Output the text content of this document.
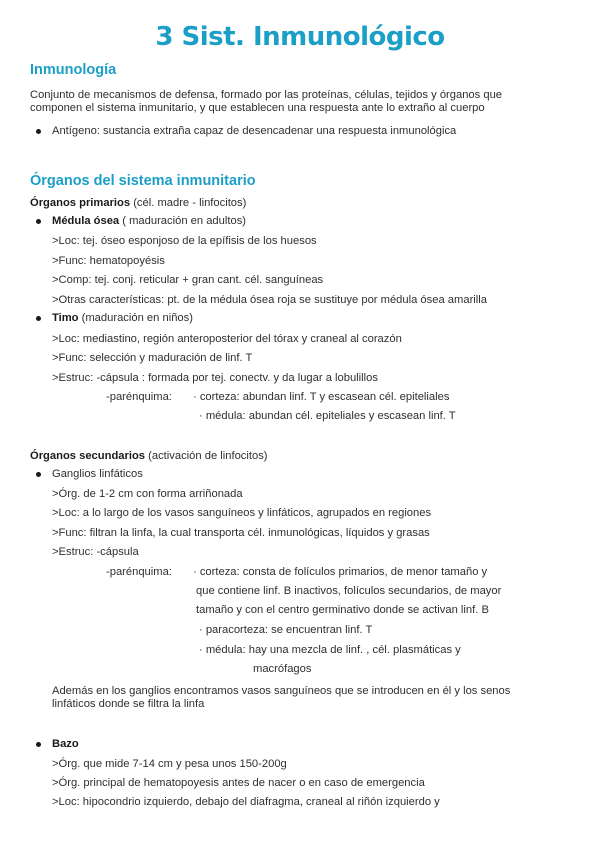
3 Sist. Inmunológico
Inmunología
Conjunto de mecanismos de defensa, formado por las proteínas, células, tejidos y órganos que
componen el sistema inmunitario, y que establecen una respuesta ante lo extraño al cuerpo
Antígeno: sustancia extraña capaz de desencadenar una respuesta inmunológica
Órganos del sistema inmunitario
Órganos primarios (cél. madre - linfocitos)
Médula ósea ( maduración en adultos)
>Loc: tej. óseo esponjoso de la epífisis de los huesos
>Func: hematopoyésis
>Comp: tej. conj. reticular + gran cant. cél. sanguíneas
>Otras características: pt. de la médula ósea roja se sustituye por médula ósea amarilla
Timo (maduración en niños)
>Loc: mediastino, región anteroposterior del tórax y craneal al corazón
>Func: selección y maduración de linf. T
>Estruc: -cápsula : formada por tej. conectv. y da lugar a lobulillos
-parénquima: · corteza: abundan linf. T y escasean cél. epiteliales
· médula: abundan cél. epiteliales y escasean linf. T
Órganos secundarios (activación de linfocitos)
Ganglios linfáticos
>Órg. de 1-2 cm con forma arriñonada
>Loc: a lo largo de los vasos sanguíneos y linfáticos, agrupados en regiones
>Func: filtran la linfa, la cual transporta cél. inmunológicas, líquidos y grasas
>Estruc: -cápsula
-parénquima: · corteza: consta de folículos primarios, de menor tamaño y
que contiene linf. B inactivos, folículos secundarios, de mayor
tamaño y con el centro germinativo donde se activan linf. B
· paracorteza: se encuentran linf. T
· médula: hay una mezcla de linf. , cél. plasmáticas y
macrófagos
Además en los ganglios encontramos vasos sanguíneos que se introducen en él y los senos
linfáticos donde se filtra la linfa
Bazo
>Órg. que mide 7-14 cm y pesa unos 150-200g
>Órg. principal de hematopoyesis antes de nacer o en caso de emergencia
>Loc: hipocondrio izquierdo, debajo del diafragma, craneal al riñón izquierdo y
